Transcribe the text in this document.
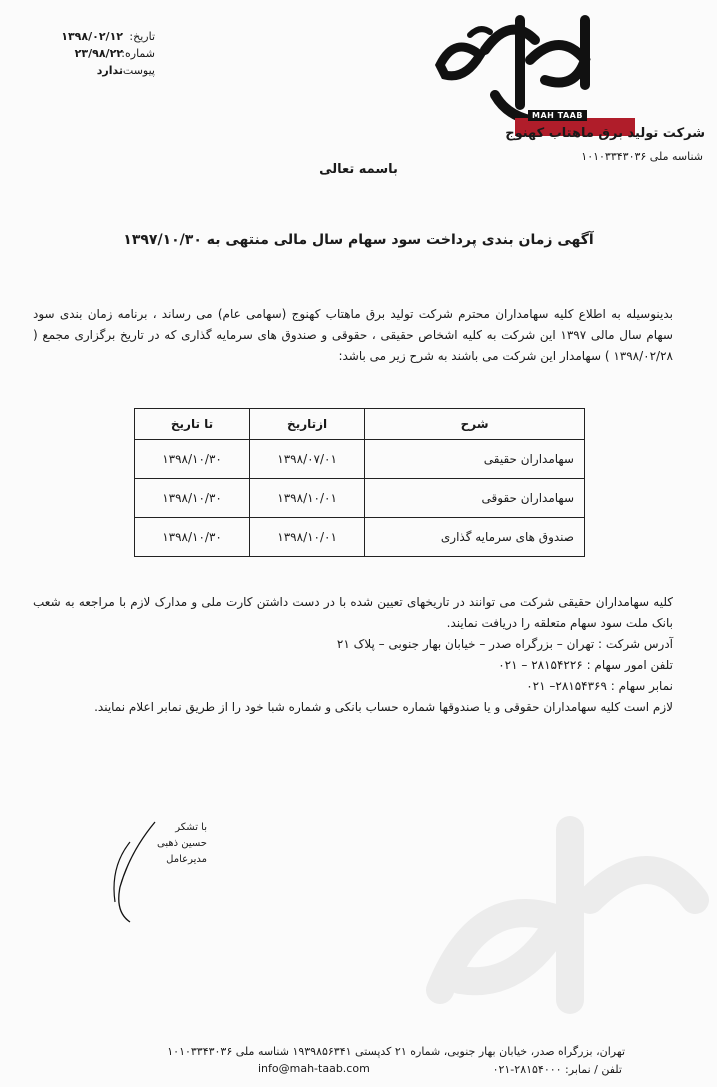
تاریخ:
۱۳۹۸/۰۲/۱۲
شماره:
۲۳/۹۸/۲۲
پیوست:
ندارد
MAH TAAB
شرکت تولید برق ماهتاب کهنوج
شناسه ملی ۱۰۱۰۳۳۴۳۰۳۶
باسمه تعالی
آگهی زمان بندی پرداخت سود سهام سال مالی منتهی به ۱۳۹۷/۱۰/۳۰

بدینوسیله به اطلاع کلیه سهامداران محترم شرکت تولید برق ماهتاب کهنوج (سهامی عام) می رساند ، برنامه زمان بندی سود سهام سال مالی ۱۳۹۷ این شرکت به کلیه اشخاص حقیقی ، حقوقی و صندوق های سرمایه گذاری که در تاریخ برگزاری مجمع ( ۱۳۹۸/۰۲/۲۸ ) سهامدار این شرکت می باشند به شرح زیر می باشد:

شرح	ازتاریخ	تا تاریخ
سهامداران حقیقی	۱۳۹۸/۰۷/۰۱	۱۳۹۸/۱۰/۳۰
سهامداران حقوقی	۱۳۹۸/۱۰/۰۱	۱۳۹۸/۱۰/۳۰
صندوق های سرمایه گذاری	۱۳۹۸/۱۰/۰۱	۱۳۹۸/۱۰/۳۰

کلیه سهامداران حقیقی شرکت می توانند در تاریخهای تعیین شده با در دست داشتن کارت ملی و مدارک لازم با مراجعه به شعب بانک ملت سود سهام متعلقه را دریافت نمایند.

آدرس شرکت : تهران – بزرگراه صدر – خیابان بهار جنوبی – پلاک ۲۱

تلفن امور سهام : ۲۸۱۵۴۲۲۶ – ۰۲۱

نمابر سهام : ۲۸۱۵۴۳۶۹– ۰۲۱

لازم است کلیه سهامداران حقوقی و یا صندوقها شماره حساب بانکی و شماره شبا خود را از طریق نمابر اعلام نمایند.

با تشکر
حسین ذهبی
مدیرعامل
تهران، بزرگراه صدر، خیابان بهار جنوبی، شماره ۲۱ کدپستی ۱۹۳۹۸۵۶۳۴۱ شناسه ملی ۱۰۱۰۳۳۴۳۰۳۶
تلفن / نمابر: ۲۸۱۵۴۰۰۰-۰۲۱
info@mah-taab.com
